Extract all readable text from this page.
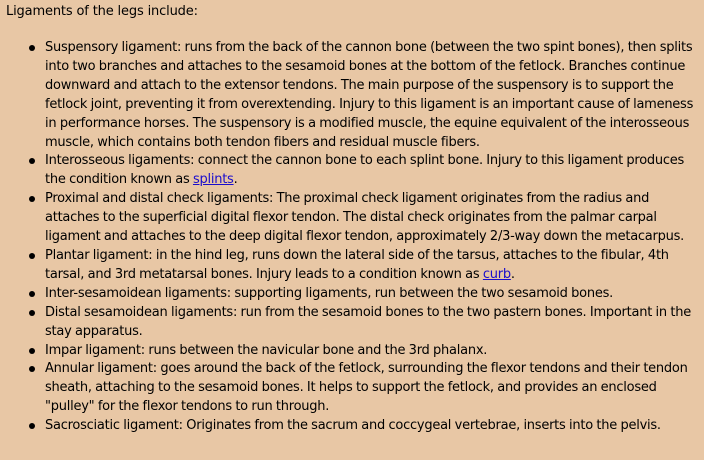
Ligaments of the legs include:
Suspensory ligament: runs from the back of the cannon bone (between the two spint bones), then splits into two branches and attaches to the sesamoid bones at the bottom of the fetlock. Branches continue downward and attach to the extensor tendons. The main purpose of the suspensory is to support the fetlock joint, preventing it from overextending. Injury to this ligament is an important cause of lameness in performance horses. The suspensory is a modified muscle, the equine equivalent of the interosseous muscle, which contains both tendon fibers and residual muscle fibers.
Interosseous ligaments: connect the cannon bone to each splint bone. Injury to this ligament produces the condition known as splints.
Proximal and distal check ligaments: The proximal check ligament originates from the radius and attaches to the superficial digital flexor tendon. The distal check originates from the palmar carpal ligament and attaches to the deep digital flexor tendon, approximately 2/3-way down the metacarpus.
Plantar ligament: in the hind leg, runs down the lateral side of the tarsus, attaches to the fibular, 4th tarsal, and 3rd metatarsal bones. Injury leads to a condition known as curb.
Inter-sesamoidean ligaments: supporting ligaments, run between the two sesamoid bones.
Distal sesamoidean ligaments: run from the sesamoid bones to the two pastern bones. Important in the stay apparatus.
Impar ligament: runs between the navicular bone and the 3rd phalanx.
Annular ligament: goes around the back of the fetlock, surrounding the flexor tendons and their tendon sheath, attaching to the sesamoid bones. It helps to support the fetlock, and provides an enclosed "pulley" for the flexor tendons to run through.
Sacrosciatic ligament: Originates from the sacrum and coccygeal vertebrae, inserts into the pelvis.
